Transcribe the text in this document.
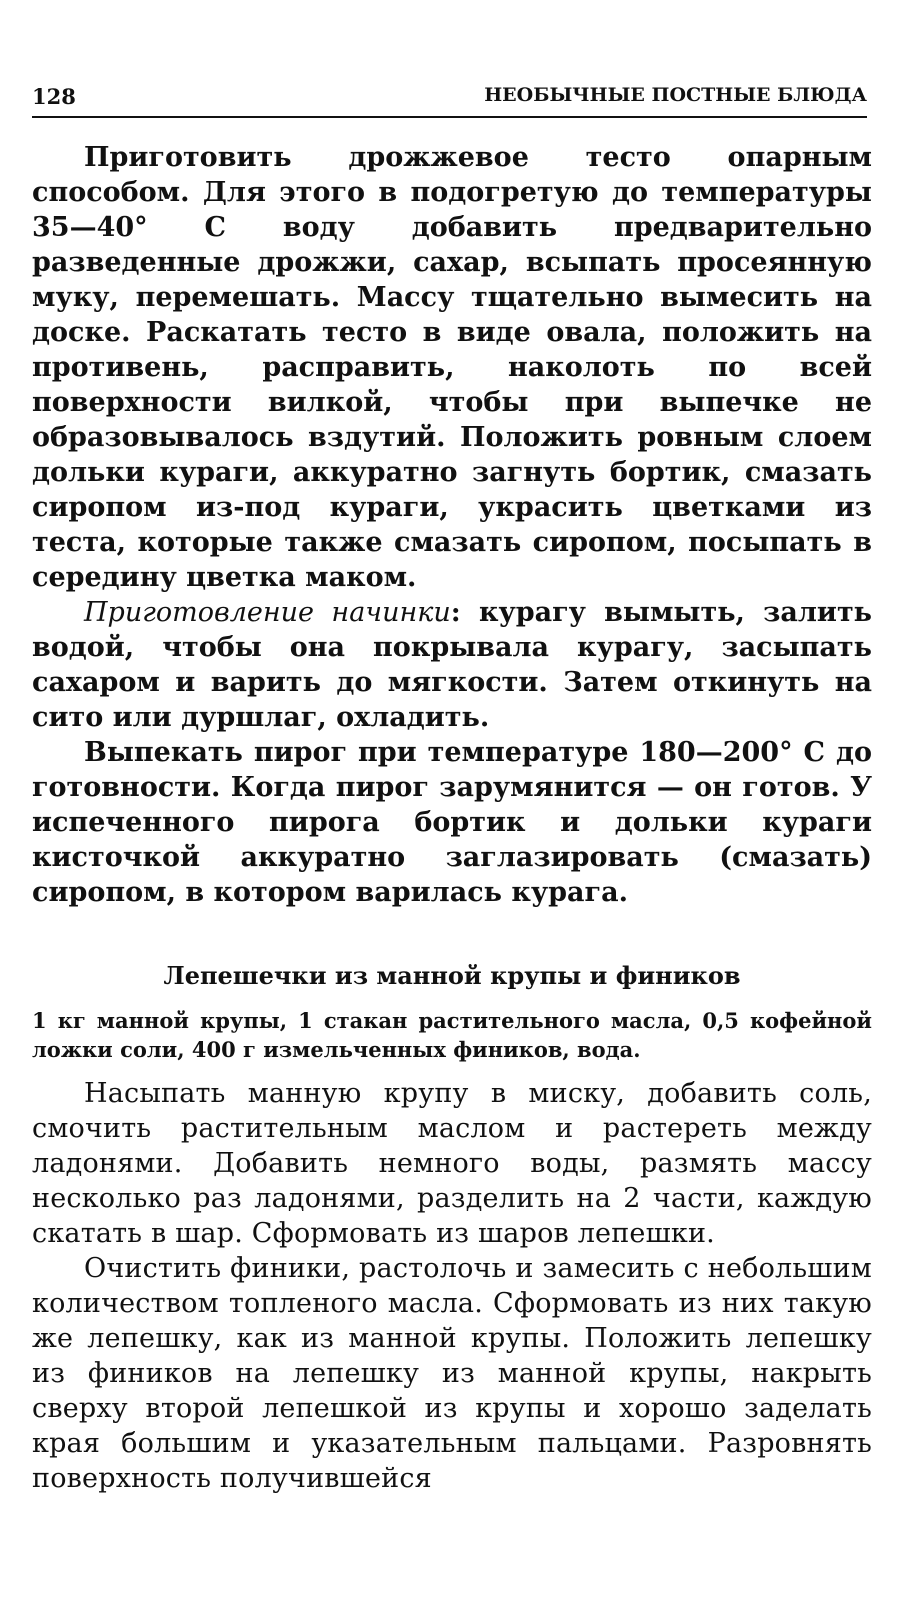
128	НЕОБЫЧНЫЕ ПОСТНЫЕ БЛЮДА

Приготовить дрожжевое тесто опарным способом. Для этого в подогретую до температуры 35—40° С воду добавить предварительно разведенные дрожжи, сахар, всыпать просеянную муку, перемешать. Массу тщательно вымесить на доске. Раскатать тесто в виде овала, положить на противень, расправить, наколоть по всей поверхности вилкой, чтобы при выпечке не образовывалось вздутий. Положить ровным слоем дольки кураги, аккуратно загнуть бортик, смазать сиропом из-под кураги, украсить цветками из теста, которые также смазать сиропом, посыпать в середину цветка маком.

Приготовление начинки: курагу вымыть, залить водой, чтобы она покрывала курагу, засыпать сахаром и варить до мягкости. Затем откинуть на сито или дуршлаг, охладить.

Выпекать пирог при температуре 180—200° С до готовности. Когда пирог зарумянится — он готов. У испеченного пирога бортик и дольки кураги кисточкой аккуратно заглазировать (смазать) сиропом, в котором варилась курага.

Лепешечки из манной крупы и фиников

1 кг манной крупы, 1 стакан растительного масла, 0,5 кофейной ложки соли, 400 г измельченных фиников, вода.

Насыпать манную крупу в миску, добавить соль, смочить растительным маслом и растереть между ладонями. Добавить немного воды, размять массу несколько раз ладонями, разделить на 2 части, каждую скатать в шар. Сформовать из шаров лепешки.

Очистить финики, растолочь и замесить с небольшим количеством топленого масла. Сформовать из них такую же лепешку, как из манной крупы. Положить лепешку из фиников на лепешку из манной крупы, накрыть сверху второй лепешкой из крупы и хорошо заделать края большим и указательным пальцами. Разровнять поверхность получившейся
